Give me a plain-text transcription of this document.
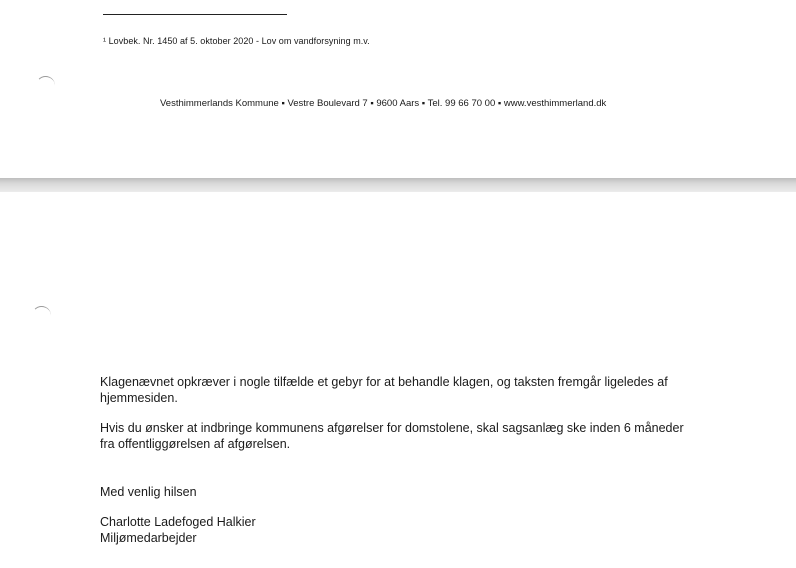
¹ Lovbek. Nr. 1450 af 5. oktober 2020 - Lov om vandforsyning m.v.
Vesthimmerlands Kommune ▪ Vestre Boulevard 7 ▪ 9600 Aars ▪ Tel. 99 66 70 00 ▪ www.vesthimmerland.dk
Klagenævnet opkræver i nogle tilfælde et gebyr for at behandle klagen, og taksten fremgår ligeledes af hjemmesiden.
Hvis du ønsker at indbringe kommunens afgørelser for domstolene, skal sagsanlæg ske inden 6 måneder fra offentliggørelsen af afgørelsen.
Med venlig hilsen
Charlotte Ladefoged Halkier
Miljømedarbejder
